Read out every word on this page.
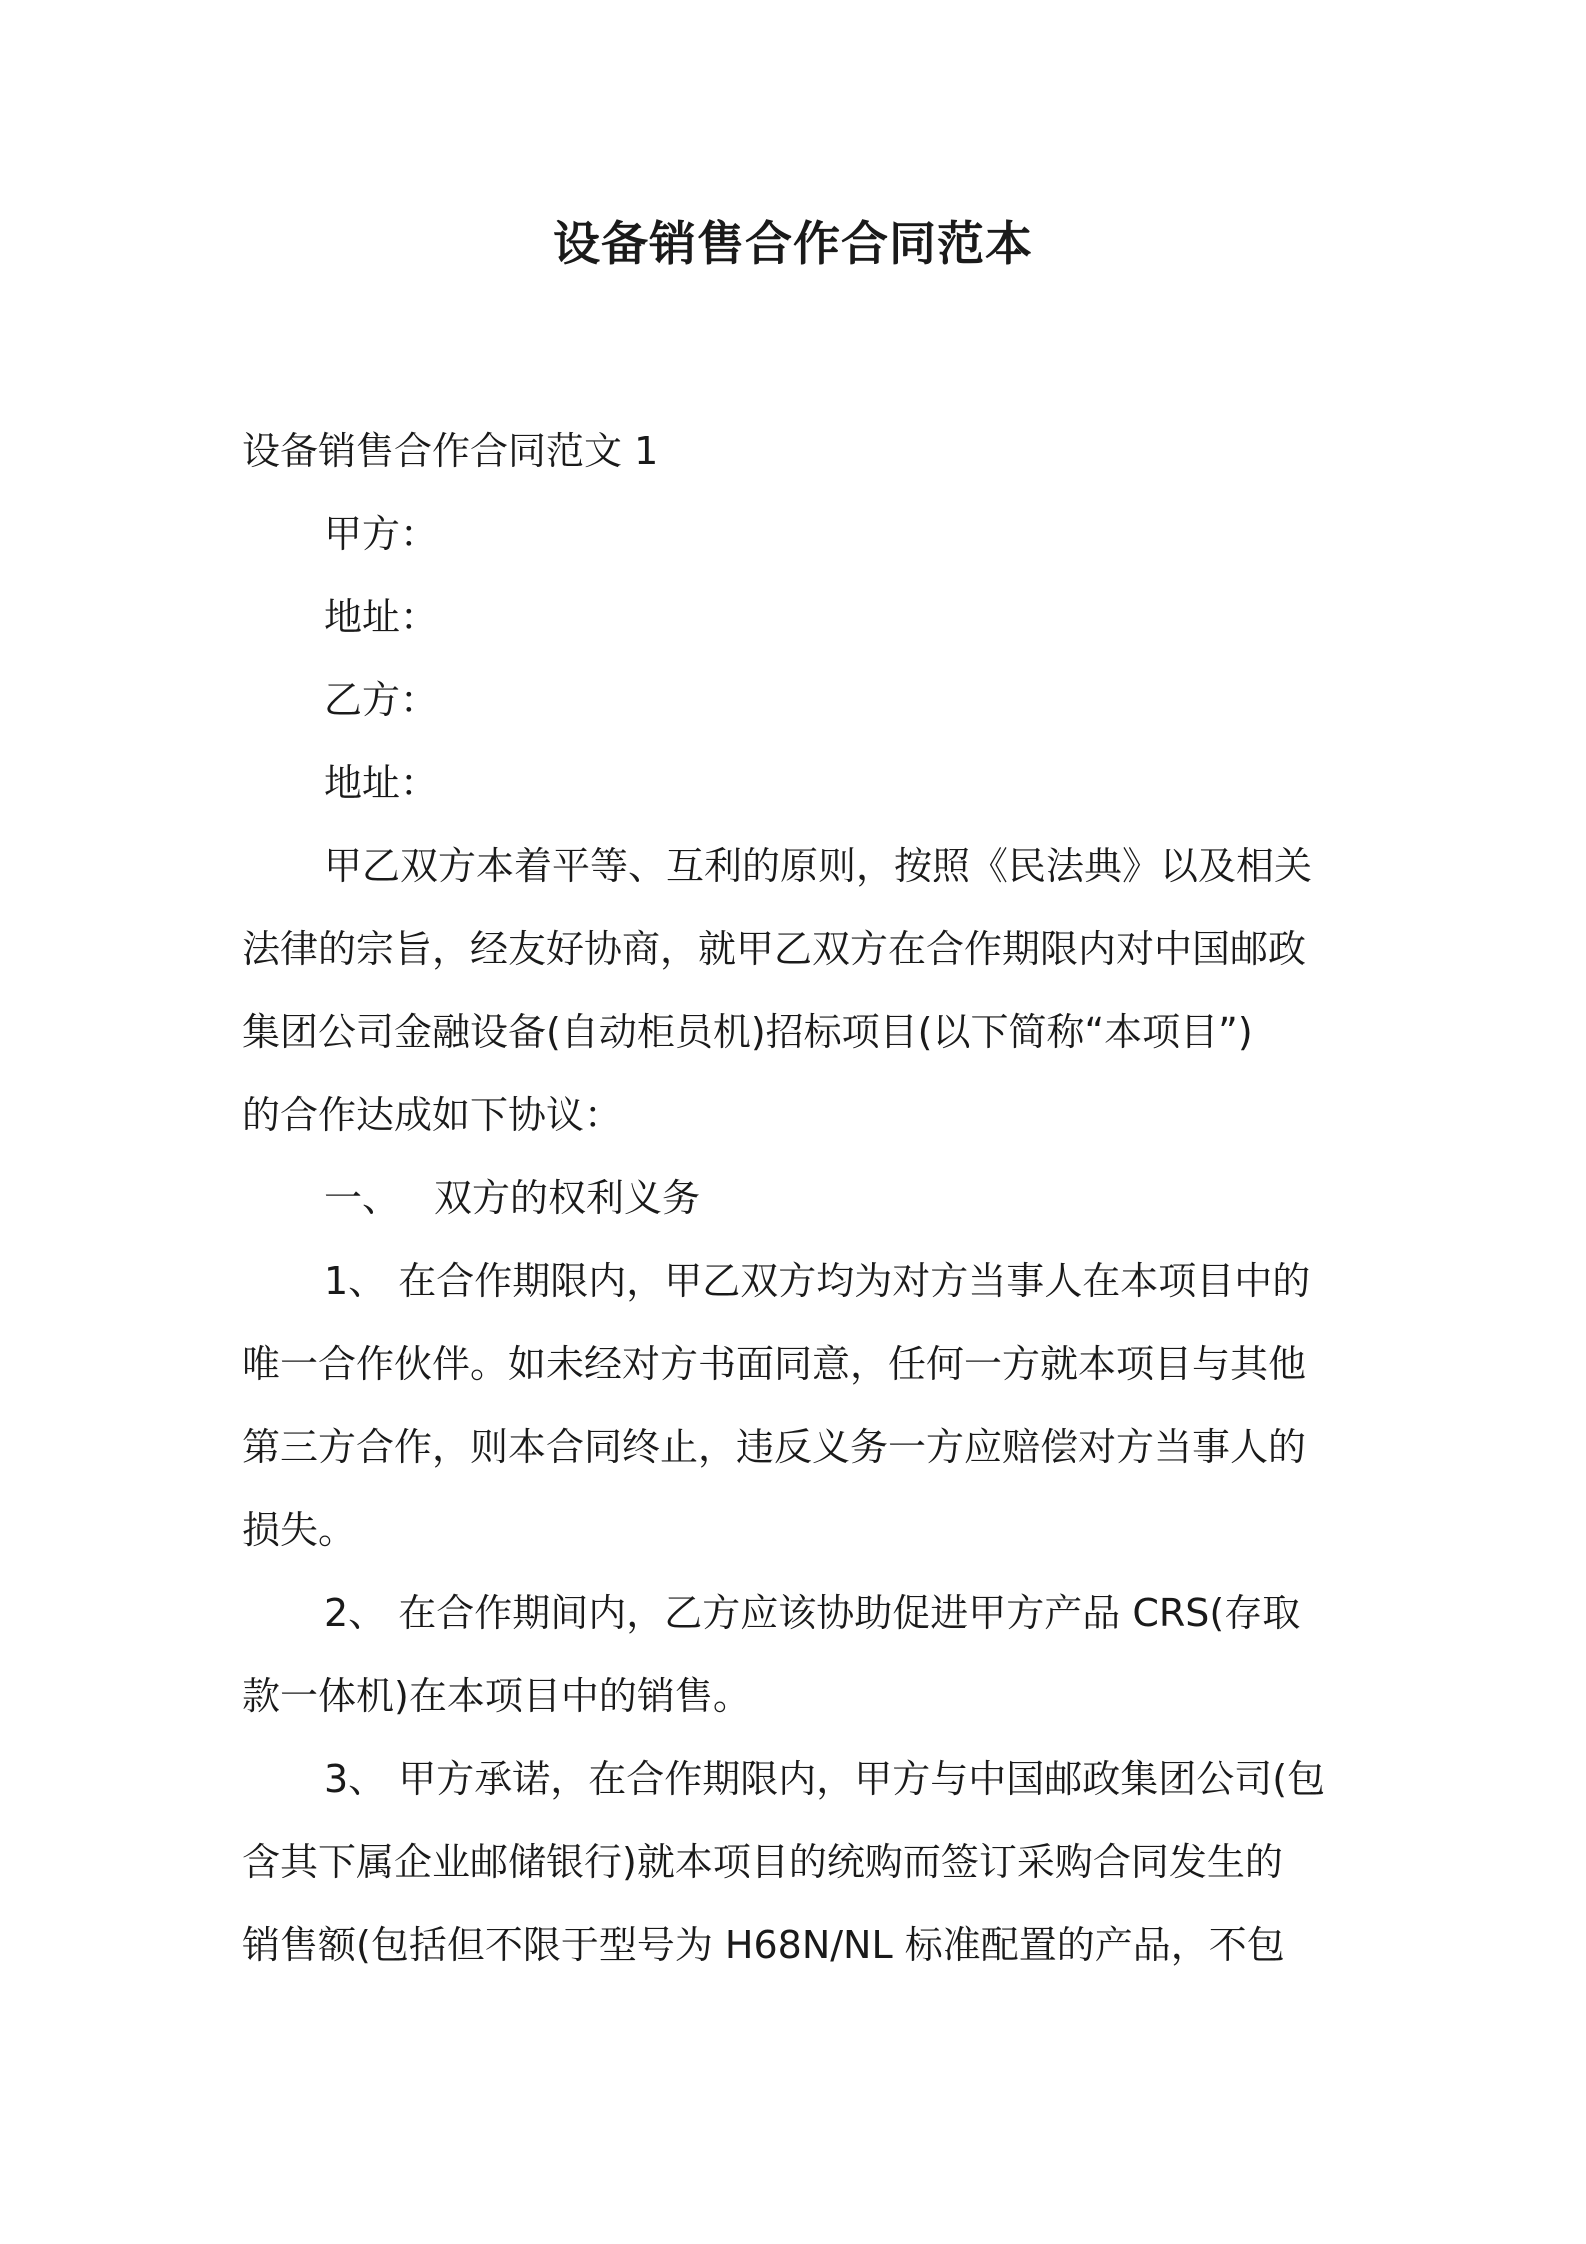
设备销售合作合同范本
设备销售合作合同范文 1
甲方：
地址：
乙方：
地址：
甲乙双方本着平等、互利的原则，按照《民法典》以及相关
法律的宗旨，经友好协商，就甲乙双方在合作期限内对中国邮政
集团公司金融设备(自动柜员机)招标项目(以下简称“本项目”)
的合作达成如下协议：
一、 双方的权利义务
1、 在合作期限内，甲乙双方均为对方当事人在本项目中的
唯一合作伙伴。如未经对方书面同意，任何一方就本项目与其他
第三方合作，则本合同终止，违反义务一方应赔偿对方当事人的
损失。
2、 在合作期间内，乙方应该协助促进甲方产品 CRS(存取
款一体机)在本项目中的销售。
3、 甲方承诺，在合作期限内，甲方与中国邮政集团公司(包
含其下属企业邮储银行)就本项目的统购而签订采购合同发生的
销售额(包括但不限于型号为 H68N/NL 标准配置的产品，不包
